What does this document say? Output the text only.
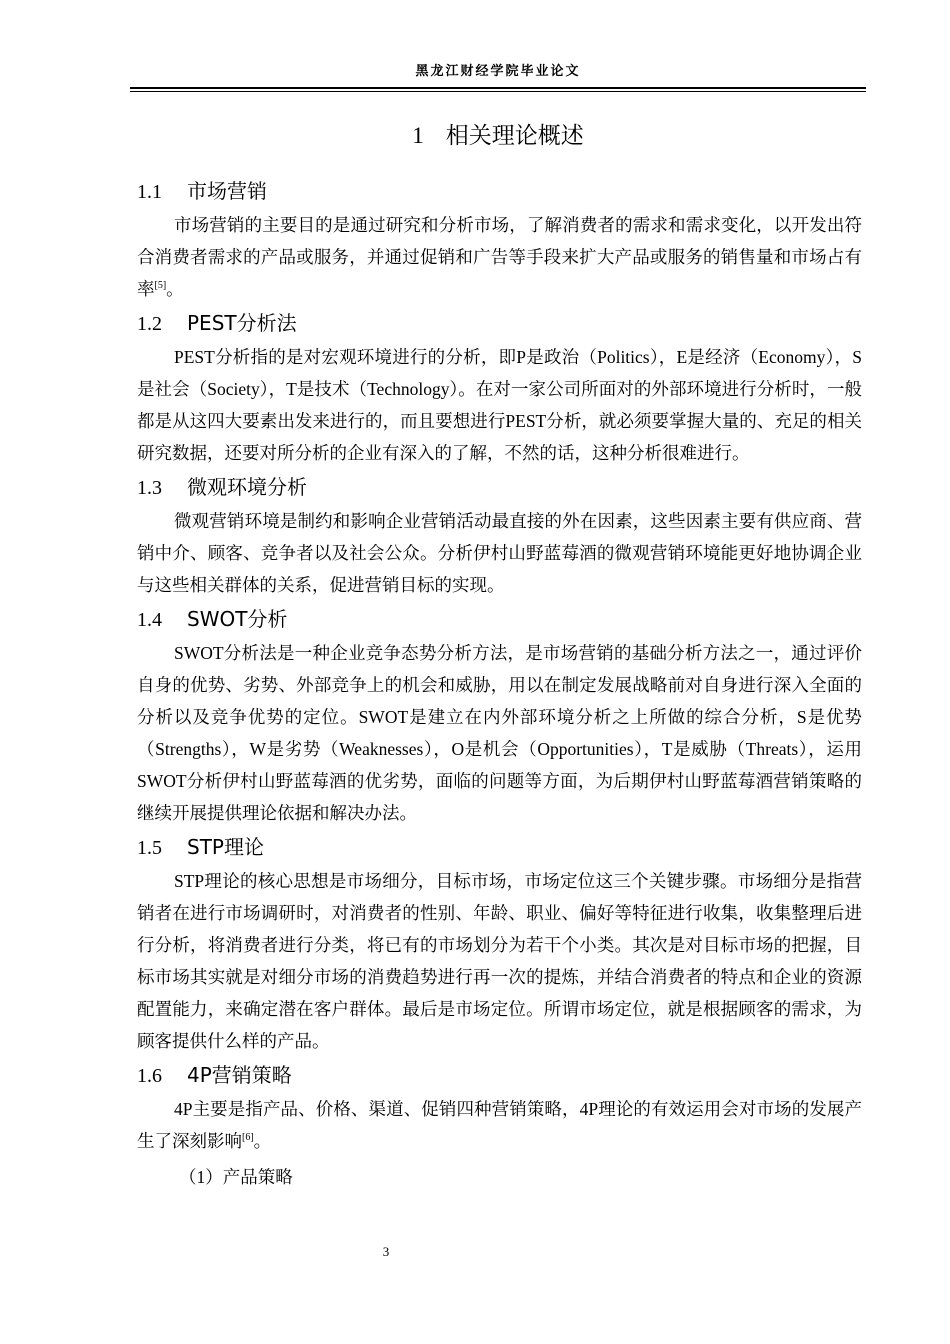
黑龙江财经学院毕业论文
1 相关理论概述
1.1 市场营销

市场营销的主要目的是通过研究和分析市场，了解消费者的需求和需求变化，以开发出符合消费者需求的产品或服务，并通过促销和广告等手段来扩大产品或服务的销售量和市场占有率[5]。

1.2 PEST分析法

PEST分析指的是对宏观环境进行的分析，即P是政治（Politics），E是经济（Economy），S是社会（Society），T是技术（Technology）。在对一家公司所面对的外部环境进行分析时，一般都是从这四大要素出发来进行的，而且要想进行PEST分析，就必须要掌握大量的、充足的相关研究数据，还要对所分析的企业有深入的了解，不然的话，这种分析很难进行。

1.3 微观环境分析

微观营销环境是制约和影响企业营销活动最直接的外在因素，这些因素主要有供应商、营销中介、顾客、竞争者以及社会公众。分析伊村山野蓝莓酒的微观营销环境能更好地协调企业与这些相关群体的关系，促进营销目标的实现。

1.4 SWOT分析

SWOT分析法是一种企业竞争态势分析方法，是市场营销的基础分析方法之一，通过评价自身的优势、劣势、外部竞争上的机会和威胁，用以在制定发展战略前对自身进行深入全面的分析以及竞争优势的定位。SWOT是建立在内外部环境分析之上所做的综合分析，S是优势（Strengths），W是劣势（Weaknesses），O是机会（Opportunities），T是威胁（Threats），运用SWOT分析伊村山野蓝莓酒的优劣势，面临的问题等方面，为后期伊村山野蓝莓酒营销策略的继续开展提供理论依据和解决办法。

1.5 STP理论

STP理论的核心思想是市场细分，目标市场，市场定位这三个关键步骤。市场细分是指营销者在进行市场调研时，对消费者的性别、年龄、职业、偏好等特征进行收集，收集整理后进行分析，将消费者进行分类，将已有的市场划分为若干个小类。其次是对目标市场的把握，目标市场其实就是对细分市场的消费趋势进行再一次的提炼，并结合消费者的特点和企业的资源配置能力，来确定潜在客户群体。最后是市场定位。所谓市场定位，就是根据顾客的需求，为顾客提供什么样的产品。

1.6 4P营销策略

4P主要是指产品、价格、渠道、促销四种营销策略，4P理论的有效运用会对市场的发展产生了深刻影响[6]。

（1）产品策略

3
